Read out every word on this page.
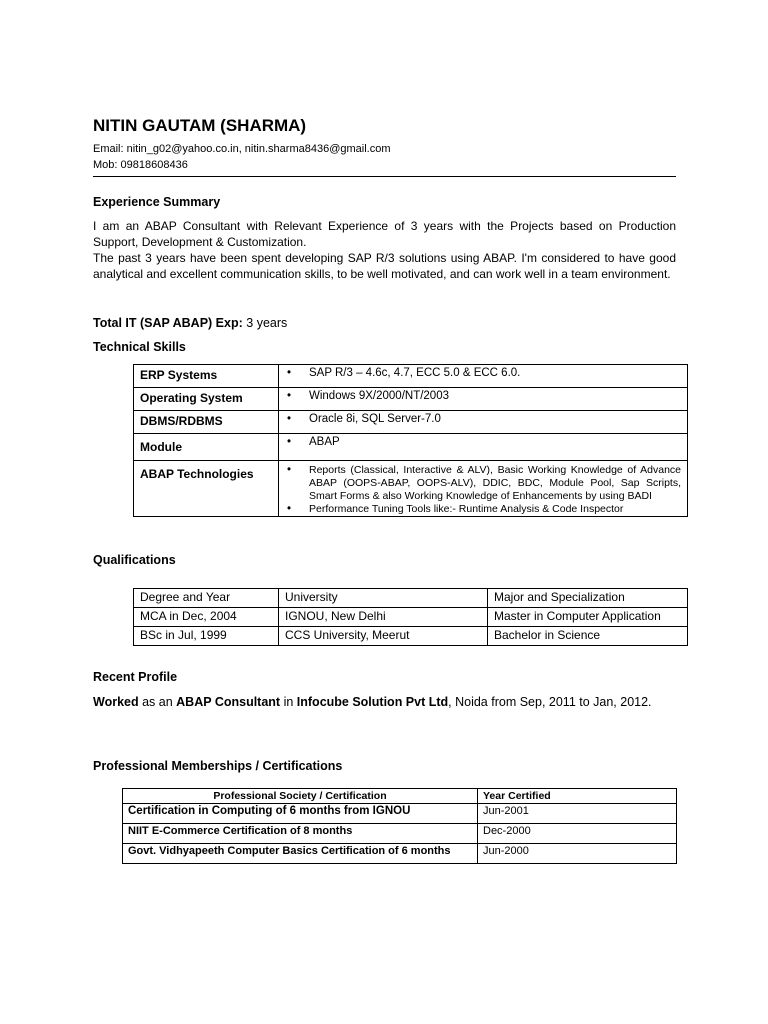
NITIN GAUTAM (SHARMA)
Email: nitin_g02@yahoo.co.in, nitin.sharma8436@gmail.com
Mob: 09818608436
Experience Summary
I am an ABAP Consultant with Relevant Experience of 3 years with the Projects based on Production Support, Development & Customization.
The past 3 years have been spent developing SAP R/3 solutions using ABAP. I'm considered to have good analytical and excellent communication skills, to be well motivated, and can work well in a team environment.
Total IT (SAP ABAP) Exp: 3 years
Technical Skills
ERP Systems	• SAP R/3 – 4.6c, 4.7, ECC 5.0 & ECC 6.0.

Operating System	• Windows 9X/2000/NT/2003

DBMS/RDBMS	• Oracle 8i, SQL Server-7.0

Module	• ABAP

ABAP Technologies	• Reports (Classical, Interactive & ALV), Basic Working Knowledge of Advance ABAP (OOPS-ABAP, OOPS-ALV), DDIC, BDC, Module Pool, Sap Scripts, Smart Forms & also Working Knowledge of Enhancements by using BADI
• Performance Tuning Tools like:- Runtime Analysis & Code Inspector
Qualifications
Degree and Year	University	Major and Specialization
MCA in Dec, 2004	IGNOU, New Delhi	Master in Computer Application
BSc in Jul, 1999	CCS University, Meerut	Bachelor in Science
Recent Profile
Worked as an ABAP Consultant in Infocube Solution Pvt Ltd, Noida from Sep, 2011 to Jan, 2012.
Professional Memberships / Certifications
Professional Society / Certification	Year Certified
Certification in Computing of 6 months from IGNOU	Jun-2001
NIIT E-Commerce Certification of 8 months	Dec-2000
Govt. Vidhyapeeth Computer Basics Certification of 6 months	Jun-2000
